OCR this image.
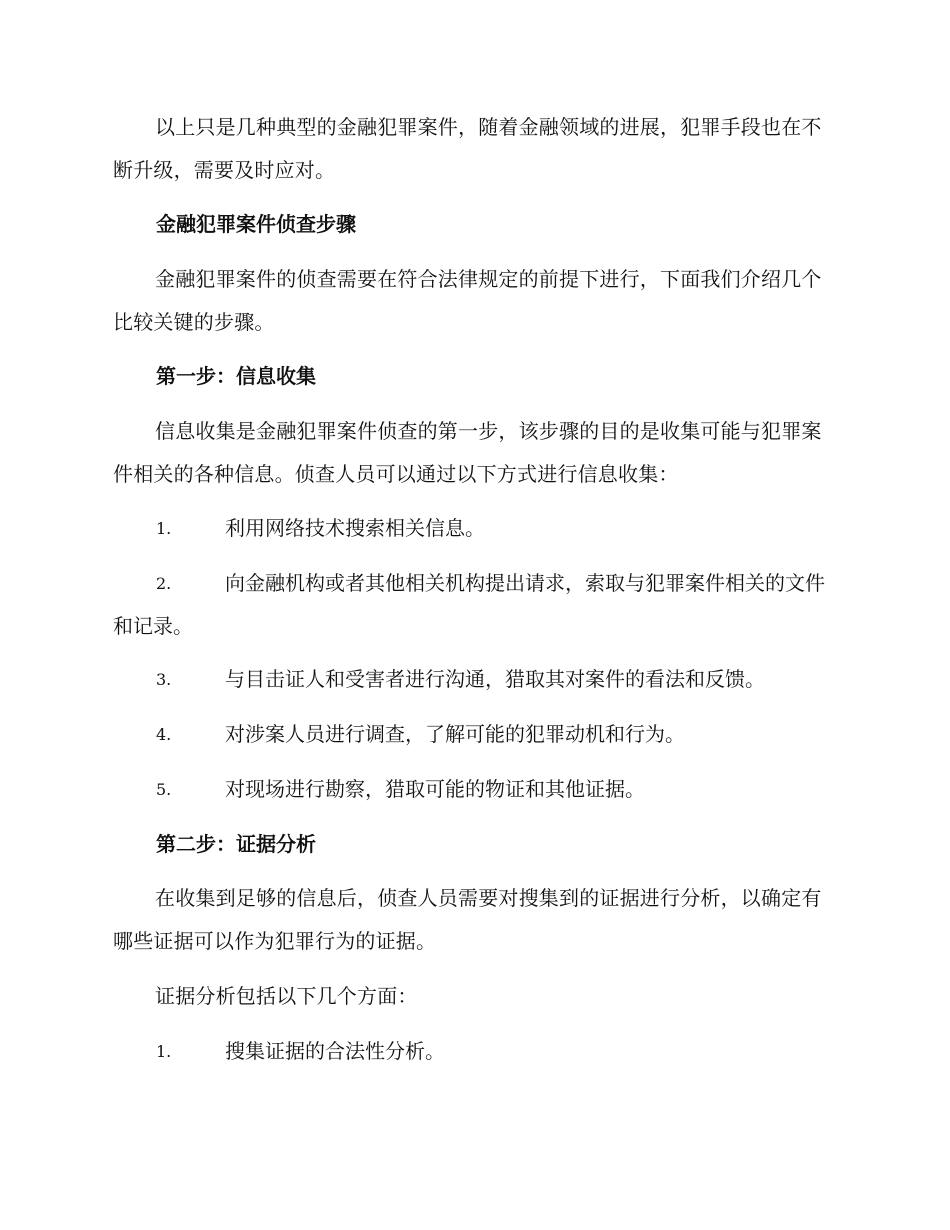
以上只是几种典型的金融犯罪案件，随着金融领域的进展，犯罪手段也在不断升级，需要及时应对。

金融犯罪案件侦查步骤

金融犯罪案件的侦查需要在符合法律规定的前提下进行，下面我们介绍几个比较关键的步骤。

第一步：信息收集

信息收集是金融犯罪案件侦查的第一步，该步骤的目的是收集可能与犯罪案件相关的各种信息。侦查人员可以通过以下方式进行信息收集：

1.	利用网络技术搜索相关信息。
2.	向金融机构或者其他相关机构提出请求，索取与犯罪案件相关的文件和记录。
3.	与目击证人和受害者进行沟通，猎取其对案件的看法和反馈。
4.	对涉案人员进行调查，了解可能的犯罪动机和行为。
5.	对现场进行勘察，猎取可能的物证和其他证据。
第二步：证据分析

在收集到足够的信息后，侦查人员需要对搜集到的证据进行分析，以确定有哪些证据可以作为犯罪行为的证据。

证据分析包括以下几个方面：

1.	搜集证据的合法性分析。
